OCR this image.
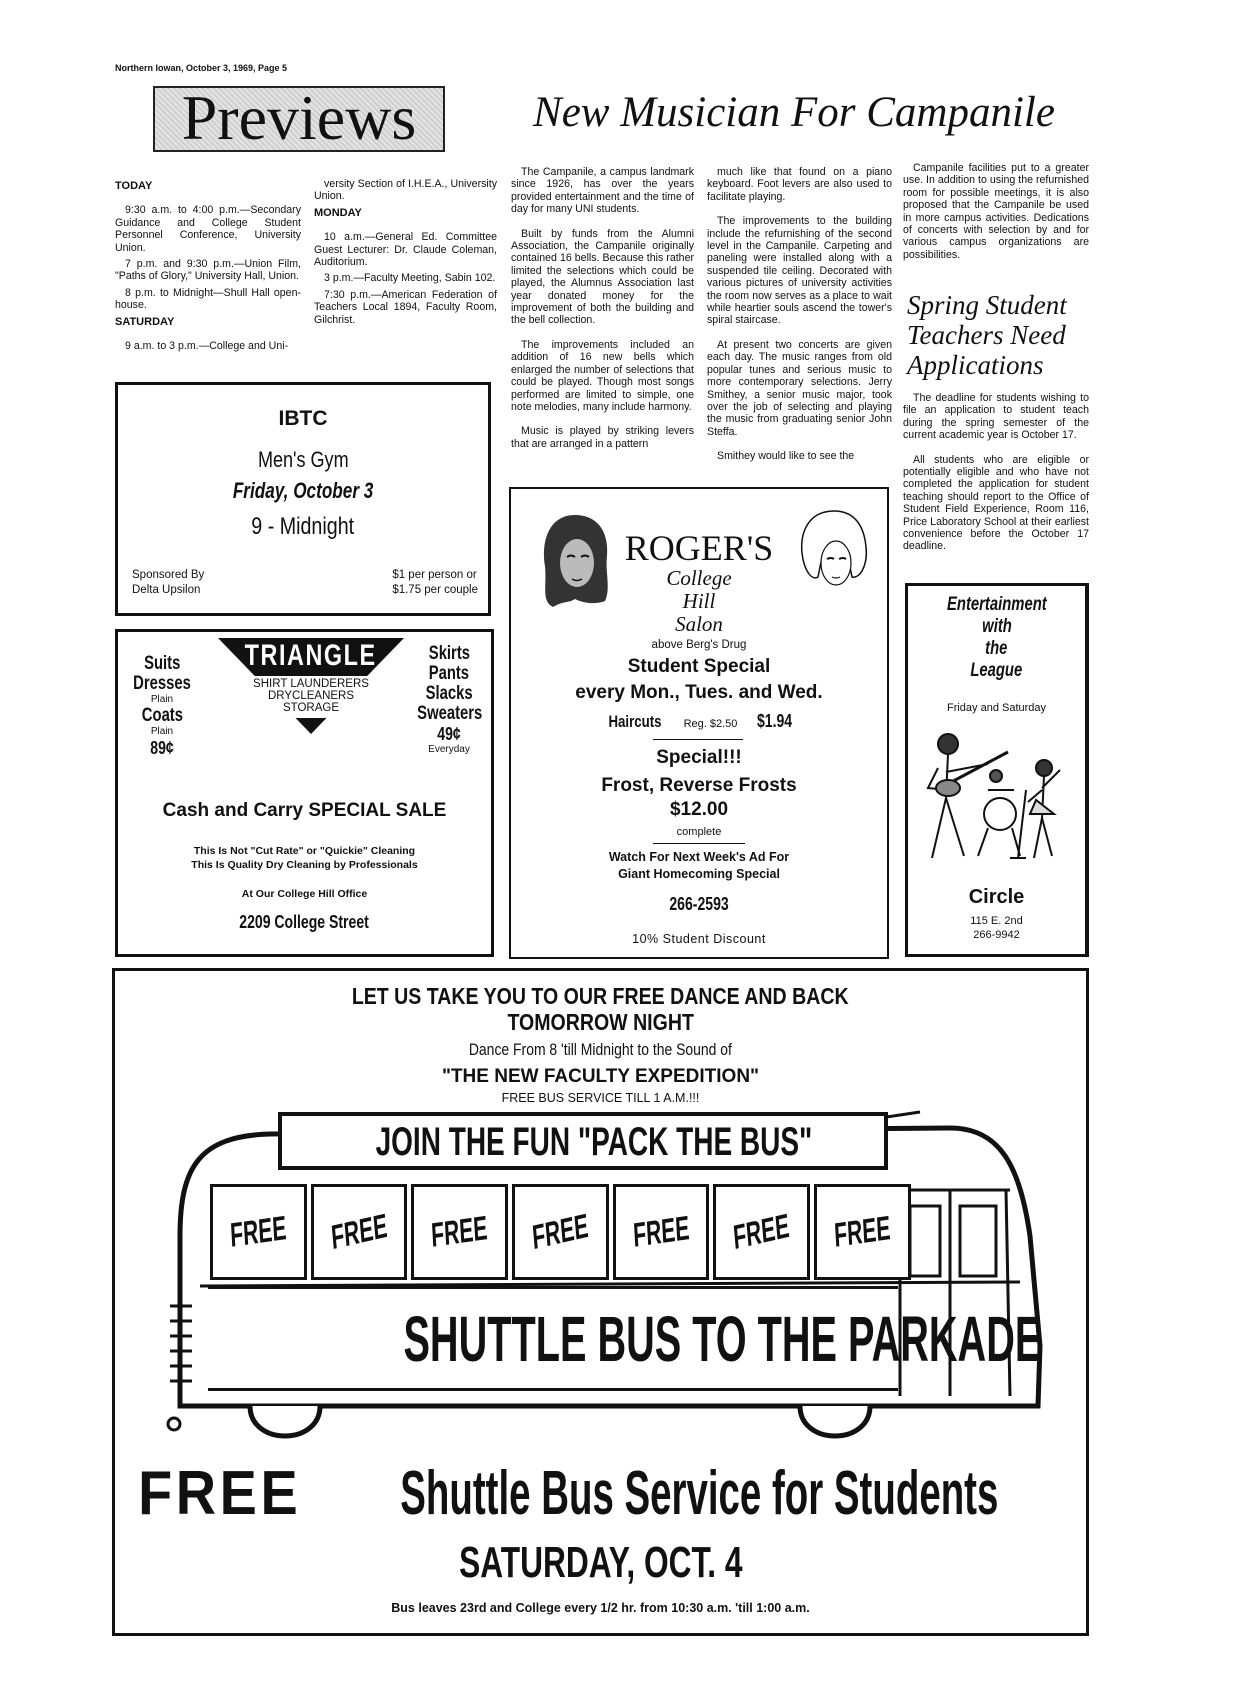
Northern Iowan, October 3, 1969, Page 5
Previews

TODAY

9:30 a.m. to 4:00 p.m.—Secondary Guidance and College Student Personnel Conference, University Union.

7 p.m. and 9:30 p.m.—Union Film, "Paths of Glory," University Hall, Union.

8 p.m. to Midnight—Shull Hall open-house.

SATURDAY

9 a.m. to 3 p.m.—College and Uni-

versity Section of I.H.E.A., University Union.

MONDAY

10 a.m.—General Ed. Committee Guest Lecturer: Dr. Claude Coleman, Auditorium.

3 p.m.—Faculty Meeting, Sabin 102.

7:30 p.m.—American Federation of Teachers Local 1894, Faculty Room, Gilchrist.

New Musician For Campanile

The Campanile, a campus landmark since 1926, has over the years provided entertainment and the time of day for many UNI students.

Built by funds from the Alumni Association, the Campanile originally contained 16 bells. Because this rather limited the selections which could be played, the Alumnus Association last year donated money for the improvement of both the building and the bell collection.

The improvements included an addition of 16 new bells which enlarged the number of selections that could be played. Though most songs performed are limited to simple, one note melodies, many include harmony.

Music is played by striking levers that are arranged in a pattern

much like that found on a piano keyboard. Foot levers are also used to facilitate playing.

The improvements to the building include the refurnishing of the second level in the Campanile. Carpeting and paneling were installed along with a suspended tile ceiling. Decorated with various pictures of university activities the room now serves as a place to wait while heartier souls ascend the tower's spiral staircase.

At present two concerts are given each day. The music ranges from old popular tunes and serious music to more contemporary selections. Jerry Smithey, a senior music major, took over the job of selecting and playing the music from graduating senior John Steffa.

Smithey would like to see the

Campanile facilities put to a greater use. In addition to using the refurnished room for possible meetings, it is also proposed that the Campanile be used in more campus activities. Dedications of concerts with selection by and for various campus organizations are possibilities.

Spring Student Teachers Need Applications

The deadline for students wishing to file an application to student teach during the spring semester of the current academic year is October 17.

All students who are eligible or potentially eligible and who have not completed the application for student teaching should report to the Office of Student Field Experience, Room 116, Price Laboratory School at their earliest convenience before the October 17 deadline.

IBTC
Men's Gym
Friday, October 3
9 - Midnight
Sponsored By
Delta Upsilon
$1 per person or
$1.75 per couple
TRIANGLE
SHIRT LAUNDERERS
DRYCLEANERS
STORAGE
Suits
Dresses
Plain
Coats
Plain
89¢
Skirts
Pants
Slacks
Sweaters
49¢
Everyday
Cash and Carry SPECIAL SALE
This Is Not "Cut Rate" or "Quickie" Cleaning
This Is Quality Dry Cleaning by Professionals
At Our College Hill Office
2209 College Street
ROGER'S
College
Hill
Salon
above Berg's Drug
Student Special
every Mon., Tues. and Wed.
Haircuts Reg. $2.50 $1.94
Special!!!
Frost, Reverse Frosts
$12.00
complete
Watch For Next Week's Ad For
Giant Homecoming Special
266-2593
10% Student Discount
Entertainment
with
the
League
Friday and Saturday
Circle
115 E. 2nd
266-9942
LET US TAKE YOU TO OUR FREE DANCE AND BACK
TOMORROW NIGHT
Dance From 8 'till Midnight to the Sound of
"THE NEW FACULTY EXPEDITION"
FREE BUS SERVICE TILL 1 A.M.!!!
JOIN THE FUN "PACK THE BUS"
FREE FREE FREE FREE FREE FREE FREE
SHUTTLE BUS TO THE PARKADE
FREE Shuttle Bus Service for Students
SATURDAY, OCT. 4
Bus leaves 23rd and College every 1/2 hr. from 10:30 a.m. 'till 1:00 a.m.
